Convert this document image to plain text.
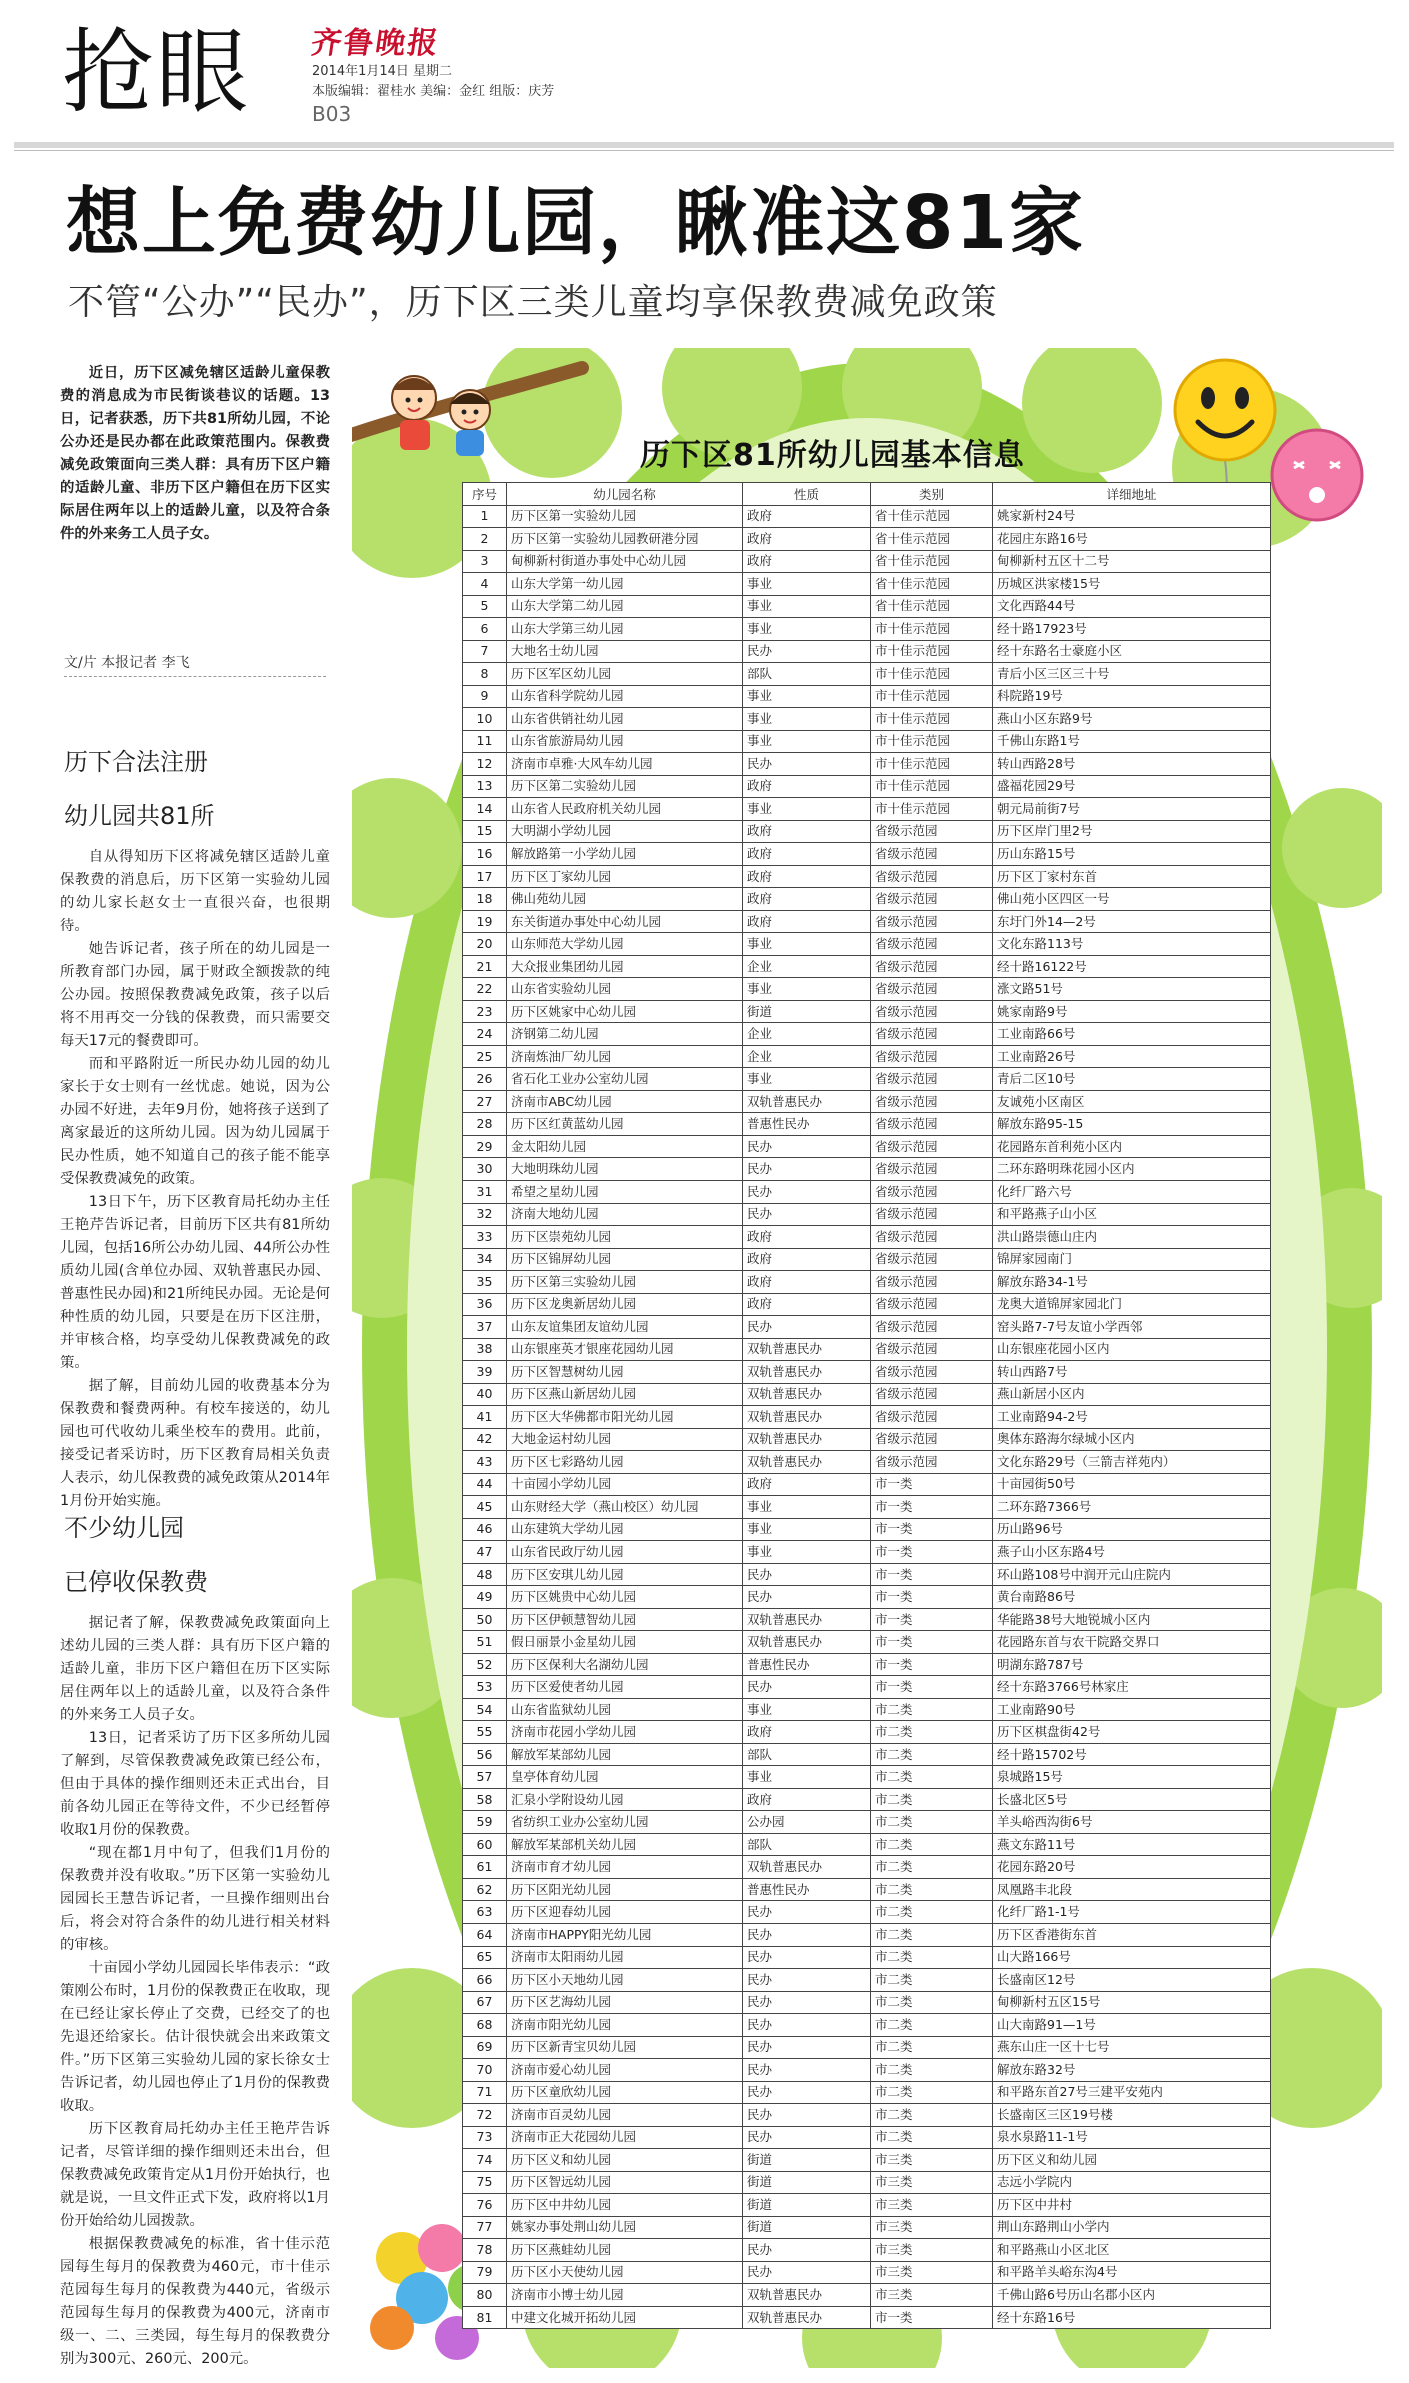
抢眼 齐鲁晚报
2014年1月14日 星期二
本版编辑：翟桂水 美编：金红 组版：庆芳
B03
想上免费幼儿园，瞅准这81家
不管“公办”“民办”，历下区三类儿童均享保教费减免政策

近日，历下区减免辖区适龄儿童保教费的消息成为市民街谈巷议的话题。13日，记者获悉，历下共81所幼儿园，不论公办还是民办都在此政策范围内。保教费减免政策面向三类人群：具有历下区户籍的适龄儿童、非历下区户籍但在历下区实际居住两年以上的适龄儿童，以及符合条件的外来务工人员子女。

文/片 本报记者 李飞
历下合法注册
幼儿园共81所

自从得知历下区将减免辖区适龄儿童保教费的消息后，历下区第一实验幼儿园的幼儿家长赵女士一直很兴奋，也很期待。

她告诉记者，孩子所在的幼儿园是一所教育部门办园，属于财政全额拨款的纯公办园。按照保教费减免政策，孩子以后将不用再交一分钱的保教费，而只需要交每天17元的餐费即可。

而和平路附近一所民办幼儿园的幼儿家长于女士则有一丝忧虑。她说，因为公办园不好进，去年9月份，她将孩子送到了离家最近的这所幼儿园。因为幼儿园属于民办性质，她不知道自己的孩子能不能享受保教费减免的政策。

13日下午，历下区教育局托幼办主任王艳芹告诉记者，目前历下区共有81所幼儿园，包括16所公办幼儿园、44所公办性质幼儿园(含单位办园、双轨普惠民办园、普惠性民办园)和21所纯民办园。无论是何种性质的幼儿园，只要是在历下区注册，并审核合格，均享受幼儿保教费减免的政策。

据了解，目前幼儿园的收费基本分为保教费和餐费两种。有校车接送的，幼儿园也可代收幼儿乘坐校车的费用。此前，接受记者采访时，历下区教育局相关负责人表示，幼儿保教费的减免政策从2014年1月份开始实施。

不少幼儿园
已停收保教费

据记者了解，保教费减免政策面向上述幼儿园的三类人群：具有历下区户籍的适龄儿童，非历下区户籍但在历下区实际居住两年以上的适龄儿童，以及符合条件的外来务工人员子女。

13日，记者采访了历下区多所幼儿园了解到，尽管保教费减免政策已经公布，但由于具体的操作细则还未正式出台，目前各幼儿园正在等待文件，不少已经暂停收取1月份的保教费。

“现在都1月中旬了，但我们1月份的保教费并没有收取。”历下区第一实验幼儿园园长王慧告诉记者，一旦操作细则出台后，将会对符合条件的幼儿进行相关材料的审核。

十亩园小学幼儿园园长毕伟表示：“政策刚公布时，1月份的保教费正在收取，现在已经让家长停止了交费，已经交了的也先退还给家长。估计很快就会出来政策文件。”历下区第三实验幼儿园的家长徐女士告诉记者，幼儿园也停止了1月份的保教费收取。

历下区教育局托幼办主任王艳芹告诉记者，尽管详细的操作细则还未出台，但保教费减免政策肯定从1月份开始执行，也就是说，一旦文件正式下发，政府将以1月份开始给幼儿园拨款。

根据保教费减免的标准，省十佳示范园每生每月的保教费为460元，市十佳示范园每生每月的保教费为440元，省级示范园每生每月的保教费为400元，济南市级一、二、三类园，每生每月的保教费分别为300元、260元、200元。

历下区81所幼儿园基本信息
序号	幼儿园名称	性质	类别	详细地址
1	历下区第一实验幼儿园	政府	省十佳示范园	姚家新村24号
2	历下区第一实验幼儿园教研港分园	政府	省十佳示范园	花园庄东路16号
3	甸柳新村街道办事处中心幼儿园	政府	省十佳示范园	甸柳新村五区十二号
4	山东大学第一幼儿园	事业	省十佳示范园	历城区洪家楼15号
5	山东大学第二幼儿园	事业	省十佳示范园	文化西路44号
6	山东大学第三幼儿园	事业	市十佳示范园	经十路17923号
7	大地名士幼儿园	民办	市十佳示范园	经十东路名士豪庭小区
8	历下区军区幼儿园	部队	市十佳示范园	青后小区三区三十号
9	山东省科学院幼儿园	事业	市十佳示范园	科院路19号
10	山东省供销社幼儿园	事业	市十佳示范园	燕山小区东路9号
11	山东省旅游局幼儿园	事业	市十佳示范园	千佛山东路1号
12	济南市卓雅·大风车幼儿园	民办	市十佳示范园	转山西路28号
13	历下区第二实验幼儿园	政府	市十佳示范园	盛福花园29号
14	山东省人民政府机关幼儿园	事业	市十佳示范园	朝元局前街7号
15	大明湖小学幼儿园	政府	省级示范园	历下区岸门里2号
16	解放路第一小学幼儿园	政府	省级示范园	历山东路15号
17	历下区丁家幼儿园	政府	省级示范园	历下区丁家村东首
18	佛山苑幼儿园	政府	省级示范园	佛山苑小区四区一号
19	东关街道办事处中心幼儿园	政府	省级示范园	东圩门外14—2号
20	山东师范大学幼儿园	事业	省级示范园	文化东路113号
21	大众报业集团幼儿园	企业	省级示范园	经十路16122号
22	山东省实验幼儿园	事业	省级示范园	涨文路51号
23	历下区姚家中心幼儿园	街道	省级示范园	姚家南路9号
24	济钢第二幼儿园	企业	省级示范园	工业南路66号
25	济南炼油厂幼儿园	企业	省级示范园	工业南路26号
26	省石化工业办公室幼儿园	事业	省级示范园	青后二区10号
27	济南市ABC幼儿园	双轨普惠民办	省级示范园	友诚苑小区南区
28	历下区红黄蓝幼儿园	普惠性民办	省级示范园	解放东路95-15
29	金太阳幼儿园	民办	省级示范园	花园路东首利苑小区内
30	大地明珠幼儿园	民办	省级示范园	二环东路明珠花园小区内
31	希望之星幼儿园	民办	省级示范园	化纤厂路六号
32	济南大地幼儿园	民办	省级示范园	和平路燕子山小区
33	历下区崇苑幼儿园	政府	省级示范园	洪山路崇德山庄内
34	历下区锦屏幼儿园	政府	省级示范园	锦屏家园南门
35	历下区第三实验幼儿园	政府	省级示范园	解放东路34-1号
36	历下区龙奥新居幼儿园	政府	省级示范园	龙奥大道锦屏家园北门
37	山东友谊集团友谊幼儿园	民办	省级示范园	窑头路7-7号友谊小学西邻
38	山东银座英才银座花园幼儿园	双轨普惠民办	省级示范园	山东银座花园小区内
39	历下区智慧树幼儿园	双轨普惠民办	省级示范园	转山西路7号
40	历下区燕山新居幼儿园	双轨普惠民办	省级示范园	燕山新居小区内
41	历下区大华佛都市阳光幼儿园	双轨普惠民办	省级示范园	工业南路94-2号
42	大地金运村幼儿园	双轨普惠民办	省级示范园	奥体东路海尔绿城小区内
43	历下区七彩路幼儿园	双轨普惠民办	省级示范园	文化东路29号（三箭吉祥苑内）
44	十亩园小学幼儿园	政府	市一类	十亩园街50号
45	山东财经大学（燕山校区）幼儿园	事业	市一类	二环东路7366号
46	山东建筑大学幼儿园	事业	市一类	历山路96号
47	山东省民政厅幼儿园	事业	市一类	燕子山小区东路4号
48	历下区安琪儿幼儿园	民办	市一类	环山路108号中润开元山庄院内
49	历下区姚贵中心幼儿园	民办	市一类	黄台南路86号
50	历下区伊顿慧智幼儿园	双轨普惠民办	市一类	华能路38号大地锐城小区内
51	假日丽景小金星幼儿园	双轨普惠民办	市一类	花园路东首与农干院路交界口
52	历下区保利大名湖幼儿园	普惠性民办	市一类	明湖东路787号
53	历下区爱使者幼儿园	民办	市一类	经十东路3766号林家庄
54	山东省监狱幼儿园	事业	市二类	工业南路90号
55	济南市花园小学幼儿园	政府	市二类	历下区棋盘街42号
56	解放军某部幼儿园	部队	市二类	经十路15702号
57	皇亭体育幼儿园	事业	市二类	泉城路15号
58	汇泉小学附设幼儿园	政府	市二类	长盛北区5号
59	省纺织工业办公室幼儿园	公办园	市二类	羊头峪西沟街6号
60	解放军某部机关幼儿园	部队	市二类	燕文东路11号
61	济南市育才幼儿园	双轨普惠民办	市二类	花园东路20号
62	历下区阳光幼儿园	普惠性民办	市二类	凤凰路丰北段
63	历下区迎春幼儿园	民办	市二类	化纤厂路1-1号
64	济南市HAPPY阳光幼儿园	民办	市二类	历下区香港街东首
65	济南市太阳雨幼儿园	民办	市二类	山大路166号
66	历下区小天地幼儿园	民办	市二类	长盛南区12号
67	历下区艺海幼儿园	民办	市二类	甸柳新村五区15号
68	济南市阳光幼儿园	民办	市二类	山大南路91—1号
69	历下区新青宝贝幼儿园	民办	市二类	燕东山庄一区十七号
70	济南市爱心幼儿园	民办	市二类	解放东路32号
71	历下区童欣幼儿园	民办	市二类	和平路东首27号三建平安苑内
72	济南市百灵幼儿园	民办	市二类	长盛南区三区19号楼
73	济南市正大花园幼儿园	民办	市二类	泉水泉路11-1号
74	历下区义和幼儿园	街道	市三类	历下区义和幼儿园
75	历下区智远幼儿园	街道	市三类	志远小学院内
76	历下区中井幼儿园	街道	市三类	历下区中井村
77	姚家办事处荆山幼儿园	街道	市三类	荆山东路荆山小学内
78	历下区燕蛙幼儿园	民办	市三类	和平路燕山小区北区
79	历下区小天使幼儿园	民办	市三类	和平路羊头峪东沟4号
80	济南市小博士幼儿园	双轨普惠民办	市三类	千佛山路6号历山名郡小区内
81	中建文化城开拓幼儿园	双轨普惠民办	市一类	经十东路16号
